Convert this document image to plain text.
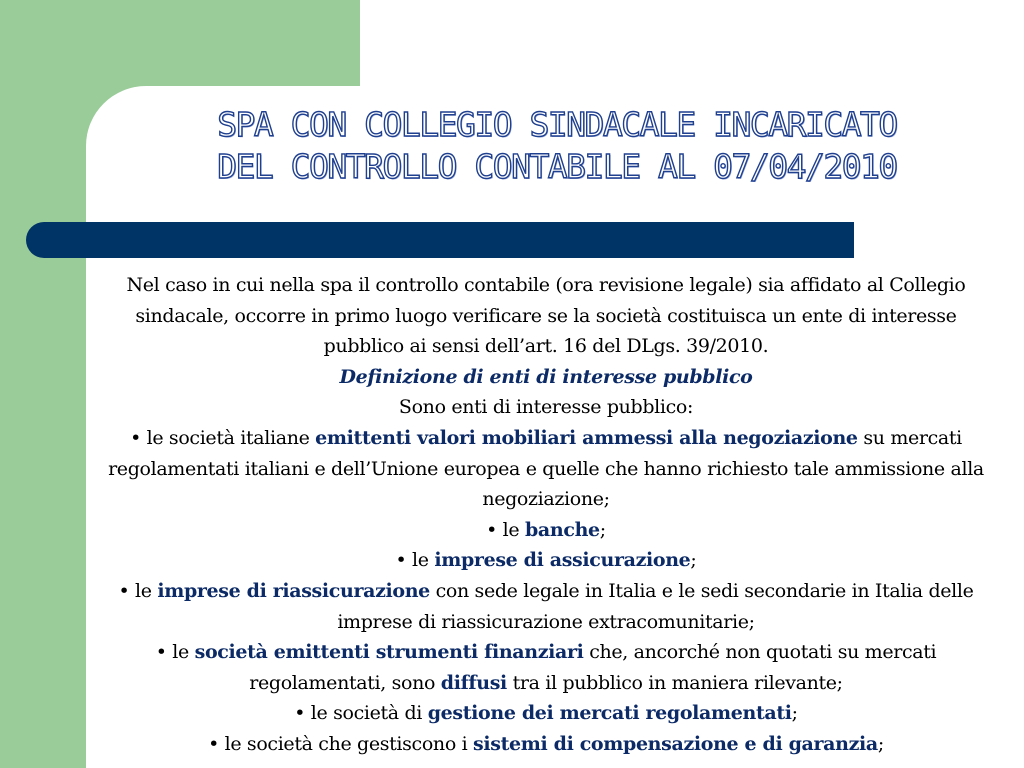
SPA CON COLLEGIO SINDACALE INCARICATO
DEL CONTROLLO CONTABILE AL 07/04/2010

Nel caso in cui nella spa il controllo contabile (ora revisione legale) sia affidato al Collegio sindacale, occorre in primo luogo verificare se la società costituisca un ente di interesse pubblico ai sensi dell’art. 16 del DLgs. 39/2010.

Definizione di enti di interesse pubblico

Sono enti di interesse pubblico:

• le società italiane emittenti valori mobiliari ammessi alla negoziazione su mercati regolamentati italiani e dell’Unione europea e quelle che hanno richiesto tale ammissione alla negoziazione;

• le banche;

• le imprese di assicurazione;

• le imprese di riassicurazione con sede legale in Italia e le sedi secondarie in Italia delle imprese di riassicurazione extracomunitarie;

• le società emittenti strumenti finanziari che, ancorché non quotati su mercati regolamentati, sono diffusi tra il pubblico in maniera rilevante;

• le società di gestione dei mercati regolamentati;

• le società che gestiscono i sistemi di compensazione e di garanzia;
